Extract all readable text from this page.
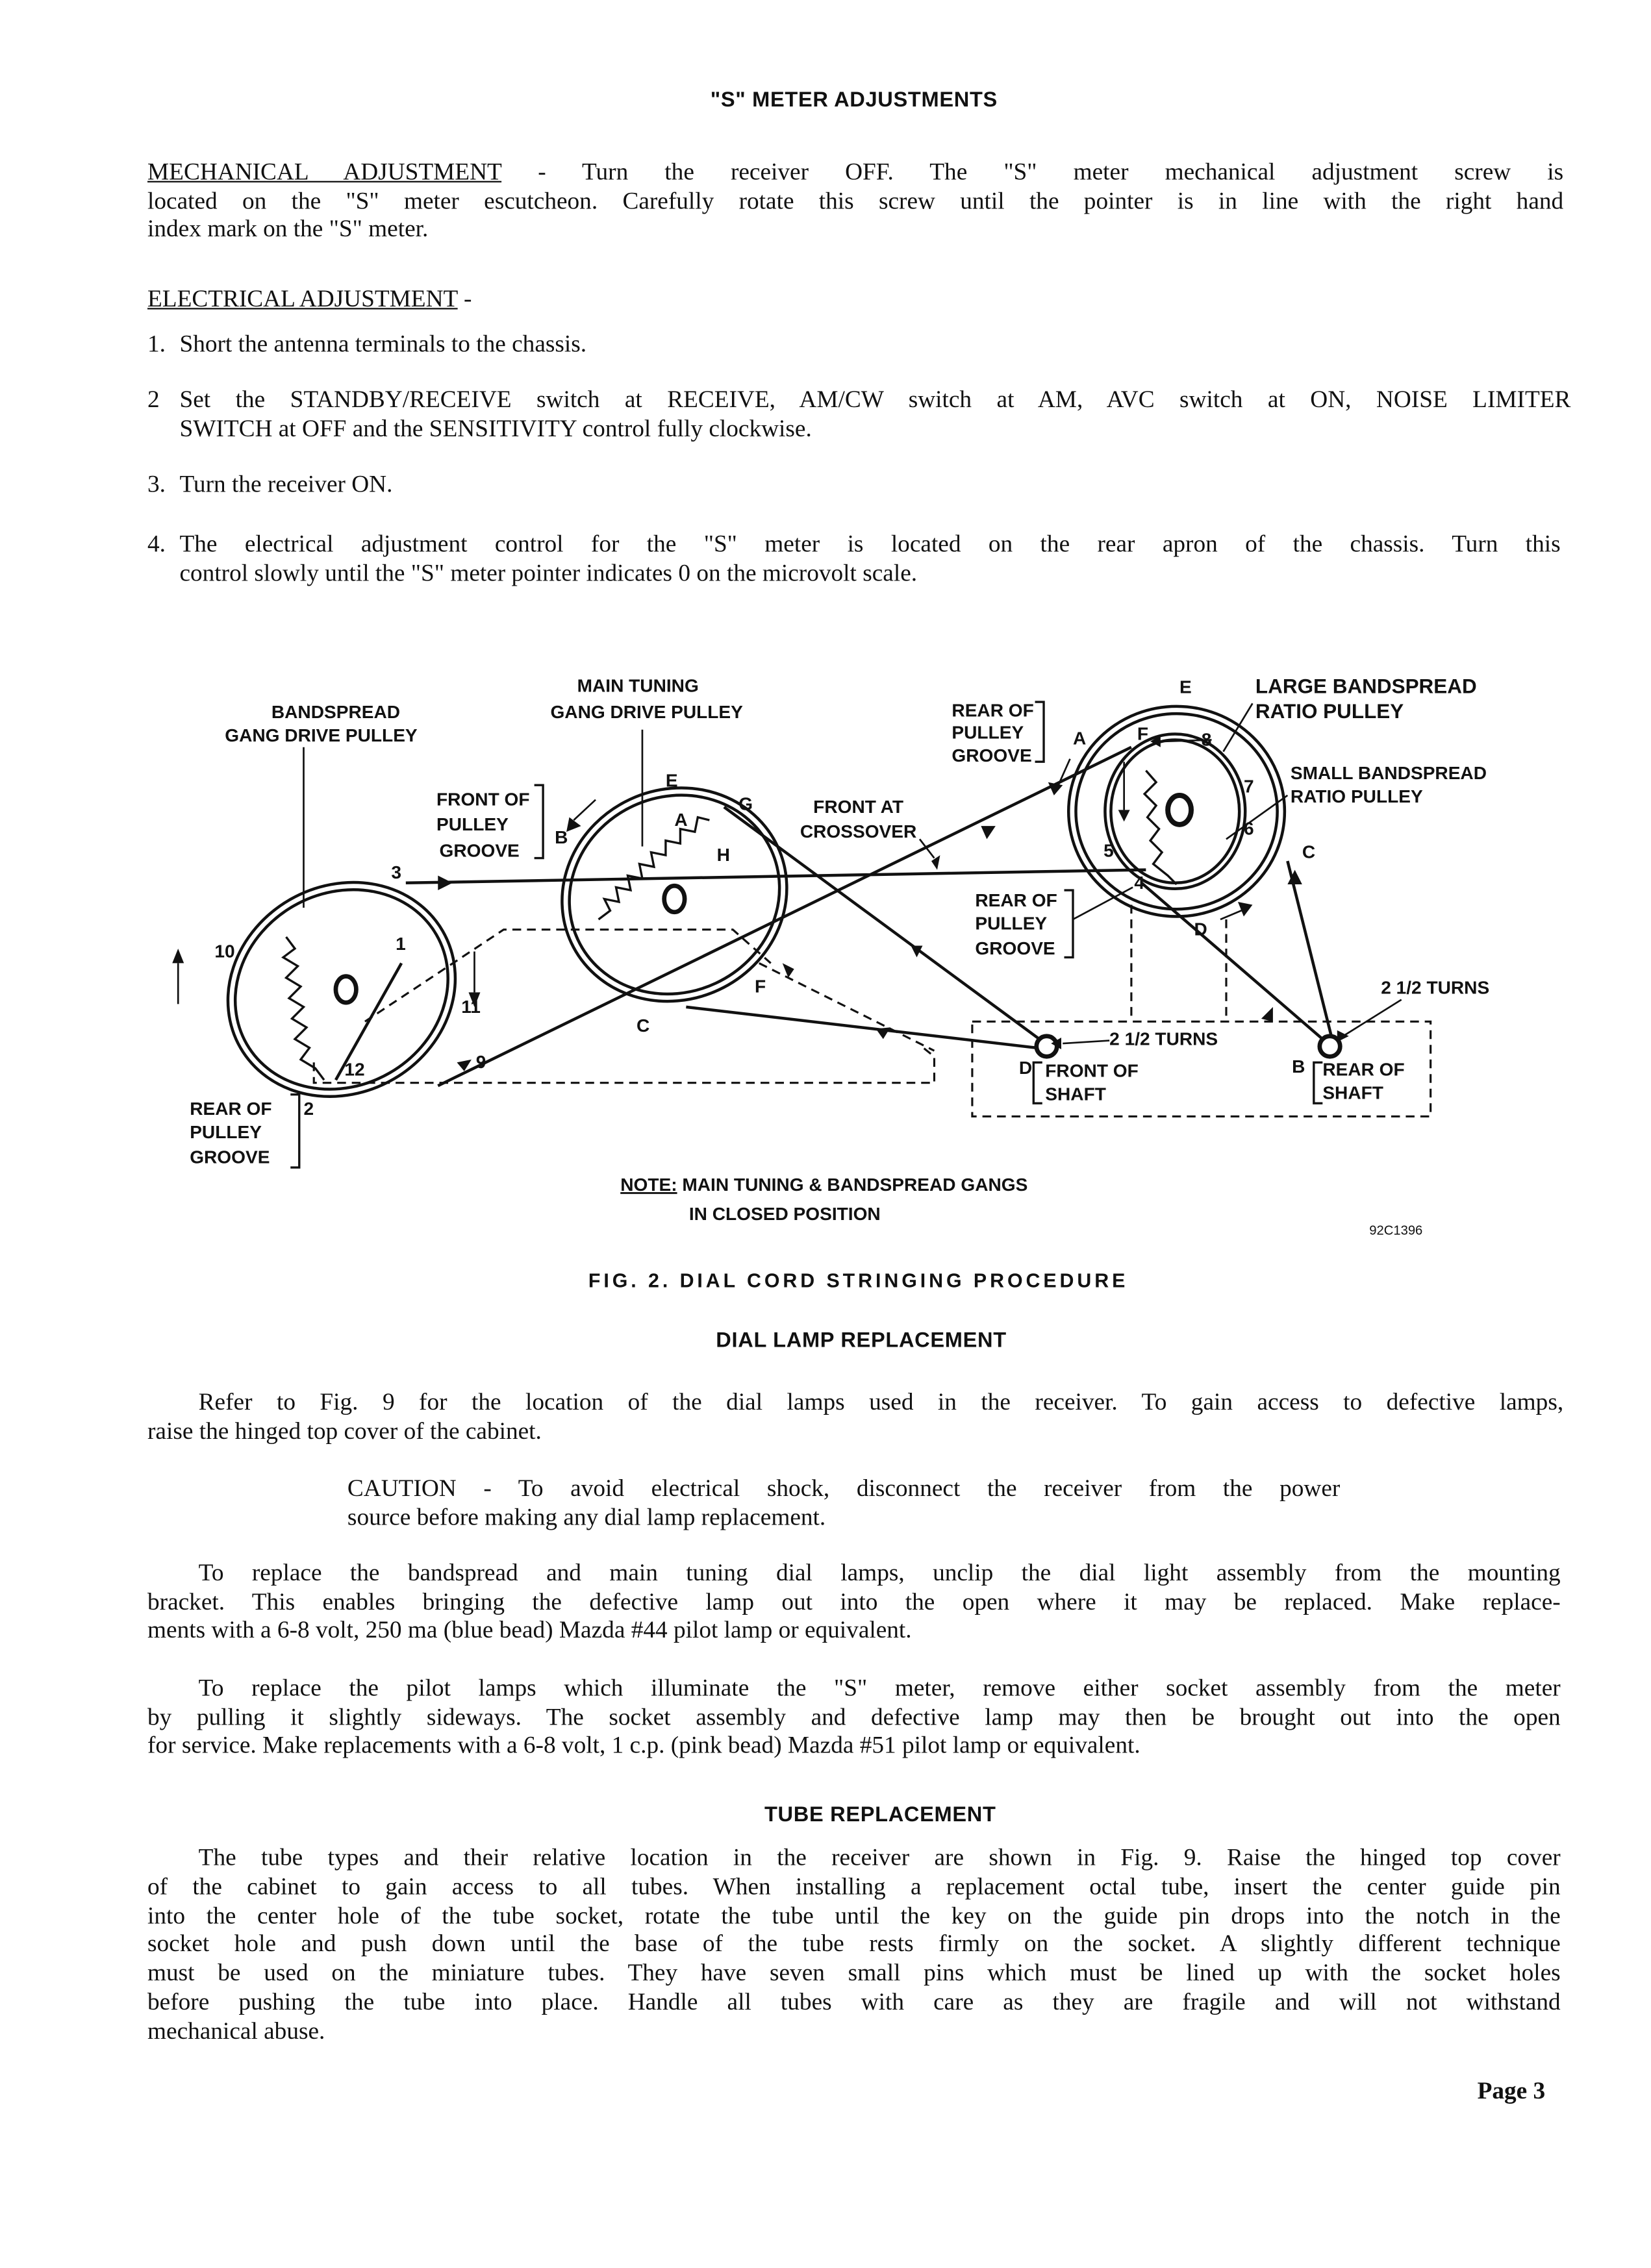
"S" METER ADJUSTMENTS
MECHANICAL ADJUSTMENT - Turn the receiver OFF. The "S" meter mechanical adjustment screw is
located on the "S" meter escutcheon. Carefully rotate this screw until the pointer is in line with the right hand
index mark on the "S" meter.
ELECTRICAL ADJUSTMENT -
1. Short the antenna terminals to the chassis.
2 Set the STANDBY/RECEIVE switch at RECEIVE, AM/CW switch at AM, AVC switch at ON, NOISE LIMITER
SWITCH at OFF and the SENSITIVITY control fully clockwise.
3. Turn the receiver ON.
4. The electrical adjustment control for the "S" meter is located on the rear apron of the chassis. Turn this
control slowly until the "S" meter pointer indicates 0 on the microvolt scale.
BANDSPREAD
GANG DRIVE PULLEY
MAIN TUNING
GANG DRIVE PULLEY
FRONT OF
PULLEY
GROOVE
B
E
A
G
H
FRONT AT
CROSSOVER
REAR OF
PULLEY
GROOVE
A
E	LARGE BANDSPREAD
RATIO PULLEY
SMALL BANDSPREAD
RATIO PULLEY
F	8
7
6
5
4
C
REAR OF
PULLEY
GROOVE
D
2 1/2 TURNS
2 1/2 TURNS
D FRONT OF
SHAFT
B REAR OF
SHAFT
3
10	1
11
12	9
C
F
2
REAR OF
PULLEY
GROOVE
NOTE: MAIN TUNING & BANDSPREAD GANGS
IN CLOSED POSITION
92C1396
FIG. 2. DIAL CORD STRINGING PROCEDURE
DIAL LAMP REPLACEMENT
Refer to Fig. 9 for the location of the dial lamps used in the receiver. To gain access to defective lamps,
raise the hinged top cover of the cabinet.
CAUTION - To avoid electrical shock, disconnect the receiver from the power
source before making any dial lamp replacement.
To replace the bandspread and main tuning dial lamps, unclip the dial light assembly from the mounting
bracket. This enables bringing the defective lamp out into the open where it may be replaced. Make replace-
ments with a 6-8 volt, 250 ma (blue bead) Mazda #44 pilot lamp or equivalent.
To replace the pilot lamps which illuminate the "S" meter, remove either socket assembly from the meter
by pulling it slightly sideways. The socket assembly and defective lamp may then be brought out into the open
for service. Make replacements with a 6-8 volt, 1 c.p. (pink bead) Mazda #51 pilot lamp or equivalent.
TUBE REPLACEMENT
The tube types and their relative location in the receiver are shown in Fig. 9. Raise the hinged top cover
of the cabinet to gain access to all tubes. When installing a replacement octal tube, insert the center guide pin
into the center hole of the tube socket, rotate the tube until the key on the guide pin drops into the notch in the
socket hole and push down until the base of the tube rests firmly on the socket. A slightly different technique
must be used on the miniature tubes. They have seven small pins which must be lined up with the socket holes
before pushing the tube into place. Handle all tubes with care as they are fragile and will not withstand
mechanical abuse.
Page 3
